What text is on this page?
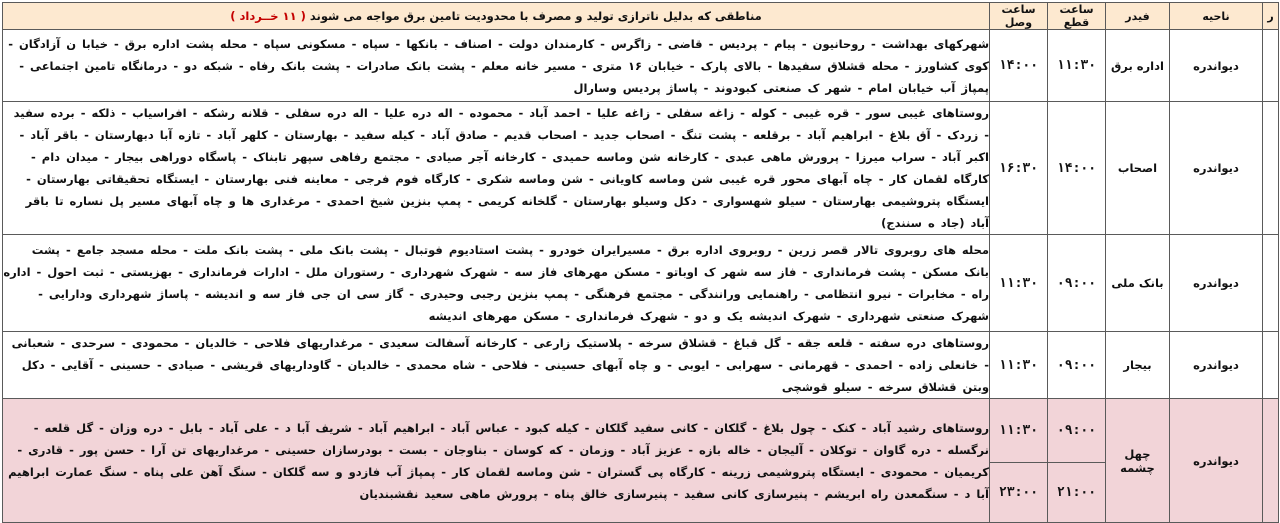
ر	ناحیه	فیدر	ساعت قطع	ساعت وصل	مناطقی که بدلیل ناترازی تولید و مصرف با محدودیت تامین برق مواجه می شوند ( ۱۱ خــرداد )
	دیواندره	اداره برق	۱۱:۳۰	۱۴:۰۰	شهرکهای بهداشت - روحانیون - پیام - پردیس - قاضی - زاگرس - کارمندان دولت - اصناف - بانکها - سپاه - مسکونی سپاه - محله پشت اداره برق - خیابا ن آزادگان - کوی کشاورز - محله قشلاق سفیدها - بالای پارک - خیابان ۱۶ متری - مسیر خانه معلم - پشت بانک صادرات - پشت بانک رفاه - شبکه دو - درمانگاه تامین اجتماعی - پمپاژ آب خیابان امام - شهر ک صنعتی کبودوند - پاساژ پردیس وسارال
	دیواندره	اصحاب	۱۴:۰۰	۱۶:۳۰	روستاهای غیبی سور - قره غیبی - کوله - زاغه سفلی - زاغه علیا - احمد آباد - محموده - اله دره علیا - اله دره سفلی - قلانه رشکه - افراسیاب - ذلکه - برده سفید - زردک - آق بلاغ - ابراهیم آباد - برقلعه - پشت تنگ - اصحاب جدید - اصحاب قدیم - صادق آباد - کیله سفید - بهارستان - کلهر آباد - تازه آبا دبهارستان - باقر آباد - اکبر آباد - سراب میرزا - پرورش ماهی عبدی - کارخانه شن وماسه حمیدی - کارخانه آجر صیادی - مجتمع رفاهی سپهر تابناک - پاسگاه دوراهی بیجار - میدان دام - کارگاه لقمان کار - چاه آبهای محور قره غیبی شن وماسه کاویانی - شن وماسه شکری - کارگاه فوم فرجی - معاینه فنی بهارستان - ایستگاه تحقیقاتی بهارستان - ایستگاه پتروشیمی بهارستان - سیلو شهسواری - دکل وسیلو بهارستان - گلخانه کریمی - پمپ بنزین شیخ احمدی - مرغداری ها و چاه آبهای مسیر پل نساره تا باقر آباد (جاد ه سنندج)
	دیواندره	بانک ملی	۰۹:۰۰	۱۱:۳۰	محله های روبروی تالار قصر زرین - روبروی اداره برق - مسیرایران خودرو - پشت استادیوم فوتبال - پشت بانک ملی - پشت بانک ملت - محله مسجد جامع - پشت بانک مسکن - پشت فرمانداری - فاز سه شهر ک اوباتو - مسکن مهرهای فاز سه - شهرک شهرداری - رستوران ملل - ادارات فرمانداری - بهزیستی - ثبت احول - اداره راه - مخابرات - نیرو انتظامی - راهنمایی ورانندگی - مجتمع فرهنگی - پمپ بنزین رجبی وحیدری - گاز سی ان جی فاز سه و اندیشه - پاساژ شهرداری ودارایی - شهرک صنعتی شهرداری - شهرک اندیشه یک و دو - شهرک فرمانداری - مسکن مهرهای اندیشه
	دیواندره	بیجار	۰۹:۰۰	۱۱:۳۰	روستاهای دره سفته - قلعه جقه - گل قباغ - قشلاق سرخه - پلاستیک زارعی - کارخانه آسفالت سعیدی - مرغداریهای فلاحی - خالدیان - محمودی - سرحدی - شعبانی - خانعلی زاده - احمدی - قهرمانی - سهرابی - ایوبی - و چاه آبهای حسینی - فلاحی - شاه محمدی - خالدیان - گاوداریهای قریشی - صیادی - حسینی - آقایی - دکل وبتن قشلاق سرخه - سیلو قوشچی
	دیواندره	چهل چشمه	۰۹:۰۰	۱۱:۳۰	روستاهای رشید آباد - کنک - چول بلاغ - گلکان - کانی سفید گلکان - کیله کبود - عباس آباد - ابراهیم آباد - شریف آبا د - علی آباد - بابل - دره وزان - گل قلعه - نرگسله - دره گاوان - توکلان - آلیجان - خاله بازه - عزیز آباد - وزمان - که کوسان - بناوجان - بست - بودرسازان حسینی - مرغداریهای تن آرا - حسن پور - قادری - کریمیان - محمودی - ایستگاه پتروشیمی زرینه - کارگاه پی گستران - شن وماسه لقمان کار - پمپاژ آب فازدو و سه گلکان - سنگ آهن علی پناه - سنگ عمارت ابراهیم آبا د - سنگمعدن راه ابریشم - پنیرسازی کانی سفید - پنیرسازی خالق پناه - پرورش ماهی سعید نقشبندیان
			۲۱:۰۰	۲۳:۰۰	
